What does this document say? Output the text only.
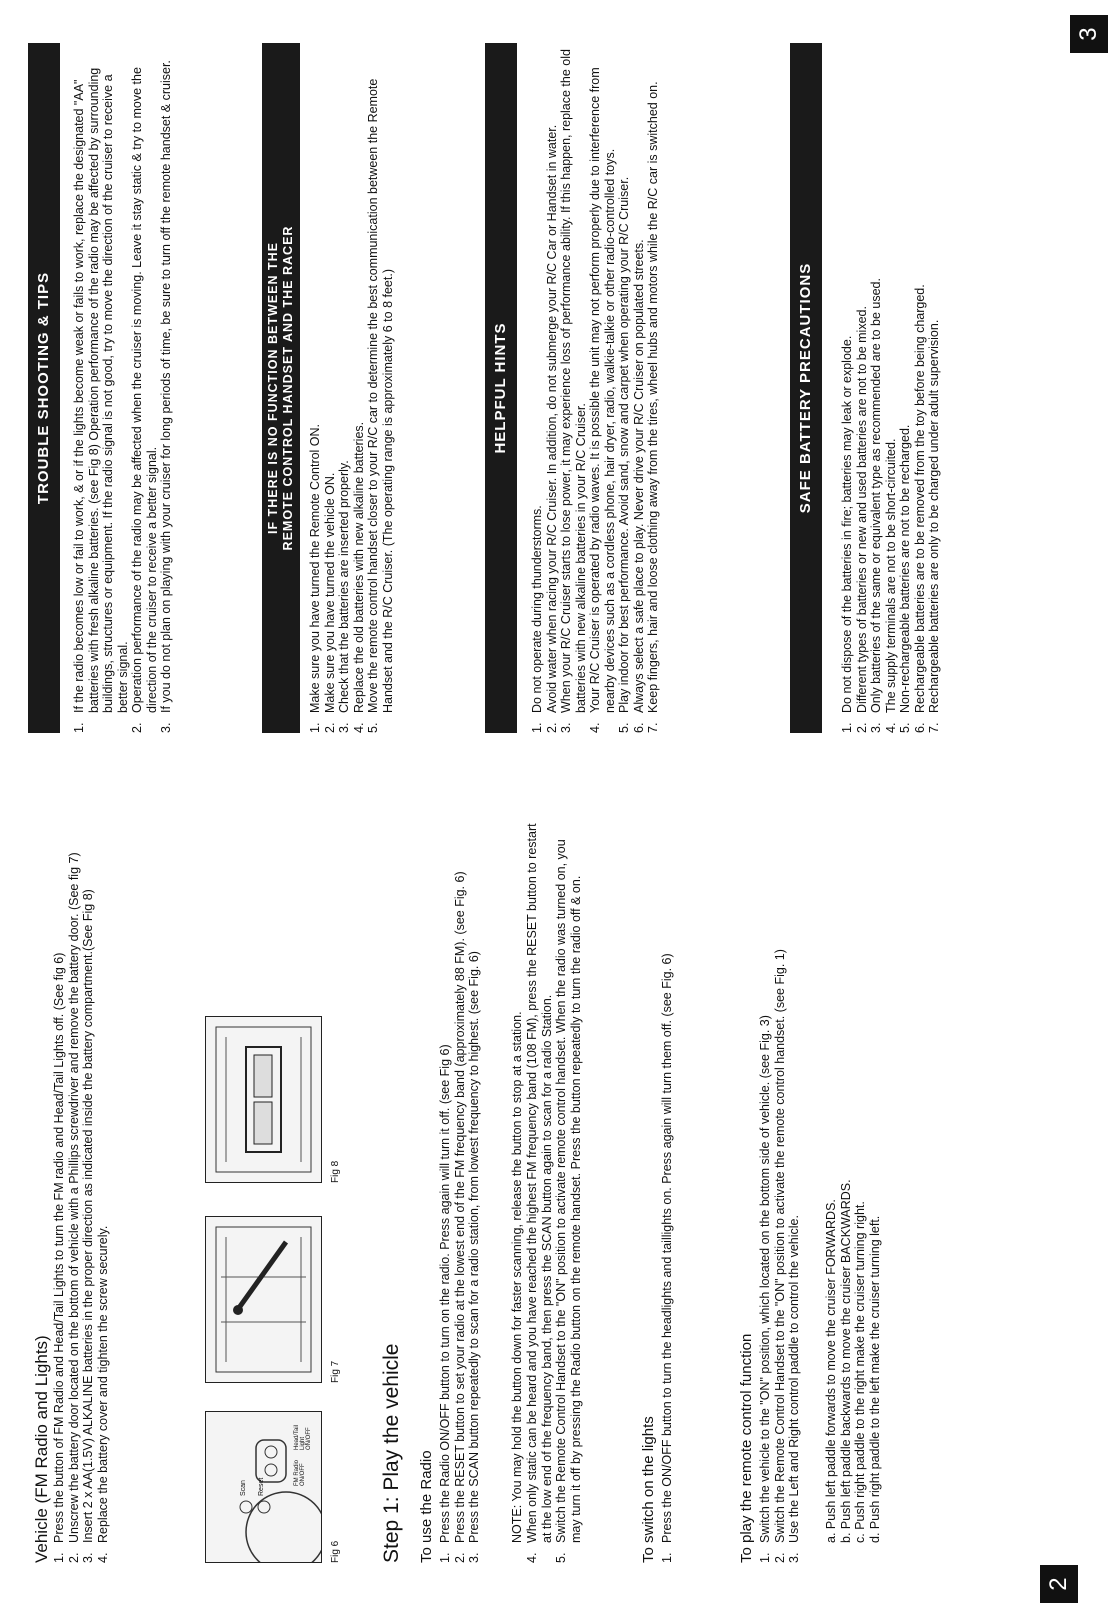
2
3
Vehicle (FM Radio and Lights) 1.
Press the button of FM Radio and Head/Tail Lights to turn the FM radio and Head/Tail Lights off. (See fig 6)
2.
Unscrew the battery door located on the bottom of vehicle with a Phillips screwdriver and remove the battery door. (See fig 7)
3.
Insert 2 x AA(1.5V) ALKALINE batteries in the proper direction as indicated inside the battery compartment.(See Fig 8)
4.
Replace the battery cover and tighten the screw securely.	Scan Reset
FM Radio ON/OFF
Head/Tail Light ON/OFF
Fig 6
Fig 7
Fig 8
Step 1: Play the vehicle To use the Radio 1.
Press the Radio ON/OFF button to turn on the radio. Press again will turn it off. (see Fig 6)
2.
Press the RESET button to set your radio at the lowest end of the FM frequency band (approximately 88 FM). (see Fig. 6)
3.
Press the SCAN button repeatedly to scan for a radio station, from lowest frequency to highest. (see Fig. 6) NOTE: You may hold the button down for faster scanning, release the button to stop at a station.
4.
When only static can be heard and you have reached the highest FM frequency band (108 FM), press the RESET button to restart at the low end of the frequency band, then press the SCAN button again to scan for a radio Station.
5.
Switch the Remote Control Handset to the "ON" position to activate remote control handset. When the radio was turned on, you may turn it off by pressing the Radio button on the remote handset. Press the button repeatedly to turn the radio off & on.	To switch on the lights 1.
Press the ON/OFF button to turn the headlights and taillights on. Press again will turn them off. (see Fig. 6)	To play the remote control function 1.
Switch the vehicle to the "ON" position, which located on the bottom side of vehicle. (see Fig. 3)
2.
Switch the Remote Control Handset to the "ON" position to activate the remote control handset. (see Fig. 1)
3.
Use the Left and Right control paddle to control the vehicle. a. Push left paddle forwards to move the cruiser FORWARDS. b. Push left paddle backwards to move the cruiser BACKWARDS. c. Push right paddle to the right make the cruiser turning right. d. Push right paddle to the left make the cruiser turning left.
TROUBLE SHOOTING & TIPS
1.
If the radio becomes low or fail to work, & or if the lights become weak or fails to work, replace the designated "AA" batteries with fresh alkaline batteries. (see Fig 8) Operation performance of the radio may be affected by surrounding buildings, structures or equipment. If the radio signal is not good, try to move the direction of the cruiser to receive a better signal.
2.
Operation performance of the radio may be affected when the cruiser is moving. Leave it stay static & try to move the direction of the cruiser to receive a better signal.
3.
If you do not plan on playing with your cruiser for long periods of time, be sure to turn off the remote handset & cruiser.	IF THERE IS NO FUNCTION BETWEEN THE REMOTE CONTROL HANDSET AND THE RACER
1.
Make sure you have turned the Remote Control ON.
2.
Make sure you have turned the vehicle ON.
3.
Check that the batteries are inserted properly.
4.
Replace the old batteries with new alkaline batteries.
5.
Move the remote control handset closer to your R/C car to determine the best communication between the Remote Handset and the R/C Cruiser. (The operating range is approximately 6 to 8 feet.)	HELPFUL HINTS
1.
Do not operate during thunderstorms.
2.
Avoid water when racing your R/C Cruiser. In addition, do not submerge your R/C Car or Handset in water.
3.
When your R/C Cruiser starts to lose power, it may experience loss of performance ability. If this happen, replace the old batteries with new alkaline batteries in your R/C Cruiser.
4.
Your R/C Cruiser is operated by radio waves. It is possible the unit may not perform properly due to interference from nearby devices such as a cordless phone, hair dryer, radio, walkie-talkie or other radio-controlled toys.
5.
Play indoor for best performance. Avoid sand, snow and carpet when operating your R/C Cruiser.
6.
Always select a safe place to play. Never drive your R/C Cruiser on populated streets.
7.
Keep fingers, hair and loose clothing away from the tires, wheel hubs and motors while the R/C car is switched on.	SAFE BATTERY PRECAUTIONS
1.
Do not dispose of the batteries in fire; batteries may leak or explode.
2.
Different types of batteries or new and used batteries are not to be mixed.
3.
Only batteries of the same or equivalent type as recommended are to be used.
4.
The supply terminals are not to be short-circuited.
5.
Non-rechargeable batteries are not to be recharged.
6.
Rechargeable batteries are to be removed from the toy before being charged.
7.
Rechargeable batteries are only to be charged under adult supervision.
